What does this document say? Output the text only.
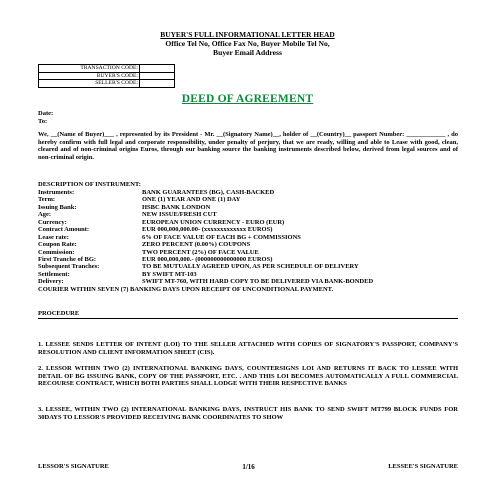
BUYER'S FULL INFORMATIONAL LETTER HEAD
Office Tel No, Office Fax No, Buyer Mobile Tel No,
Buyer Email Address
TRANSACTION CODE:	
BUYER'S CODE:	
SELLER'S CODE:	
DEED OF AGREEMENT
Date:
To:
We, __(Name of Buyer)___ , represented by its President - Mr. __(Signatory Name)__, holder of __(Country)__ passport Number: ____________ , do hereby confirm with full legal and corporate responsibility, under penalty of perjury, that we are ready, willing and able to Lease with good, clean, cleared and of non-criminal origins Euros, through our banking source the banking instruments described below, derived from legal sources and of non-criminal origin.
DESCRIPTION OF INSTRUMENT:
Instruments:	BANK GUARANTEES (BG), CASH-BACKED
Term:	ONE (1) YEAR AND ONE (1) DAY
Issuing Bank:	HSBC BANK LONDON
Age:	NEW ISSUE/FRESH CUT
Currency:	EUROPEAN UNION CURRENCY - EURO (EUR)
Contract Amount:	EUR 000,000,000.00- (xxxxxxxxxxxxx EUROS)
Lease rate:	6% OF FACE VALUE OF EACH BG + COMMISSIONS
Coupon Rate:	ZERO PERCENT (0.00%) COUPONS
Commission:	TWO PERCENT (2%) OF FACE VALUE
First Tranche of BG:	EUR 000,000,000.- (000000000000000 EUROS)
Subsequent Tranches:	TO BE MUTUALLY AGREED UPON, AS PER SCHEDULE OF DELIVERY
Settlement:	BY SWIFT MT-103
Delivery:	SWIFT MT-760, WITH HARD COPY TO BE DELIVERED VIA BANK-BONDED
COURIER WITHIN SEVEN (7) BANKING DAYS UPON RECEIPT OF UNCONDITIONAL PAYMENT.
PROCEDURE
1. LESSEE SENDS LETTER OF INTENT (LOI) TO THE SELLER ATTACHED WITH COPIES OF SIGNATORY'S PASSPORT, COMPANY'S RESOLUTION AND CLIENT INFORMATION SHEET (CIS).
2. LESSOR WITHIN TWO (2) INTERNATIONAL BANKING DAYS, COUNTERSIGNS LOI AND RETURNS IT BACK TO LESSEE WITH DETAIL OF BG ISSUING BANK, COPY OF THE PASSPORT, ETC. . AND THIS LOI BECOMES AUTOMATICALLY A FULL COMMERCIAL RECOURSE CONTRACT, WHICH BOTH PARTIES SHALL LODGE WITH THEIR RESPECTIVE BANKS
3. LESSEE, WITHIN TWO (2) INTERNATIONAL BANKING DAYS, INSTRUCT HIS BANK TO SEND SWIFT MT799 BLOCK FUNDS FOR 30DAYS TO LESSOR'S PROVIDED RECEIVING BANK COORDINATES TO SHOW
LESSOR'S SIGNATURE	1/16	LESSEE'S SIGNATURE
